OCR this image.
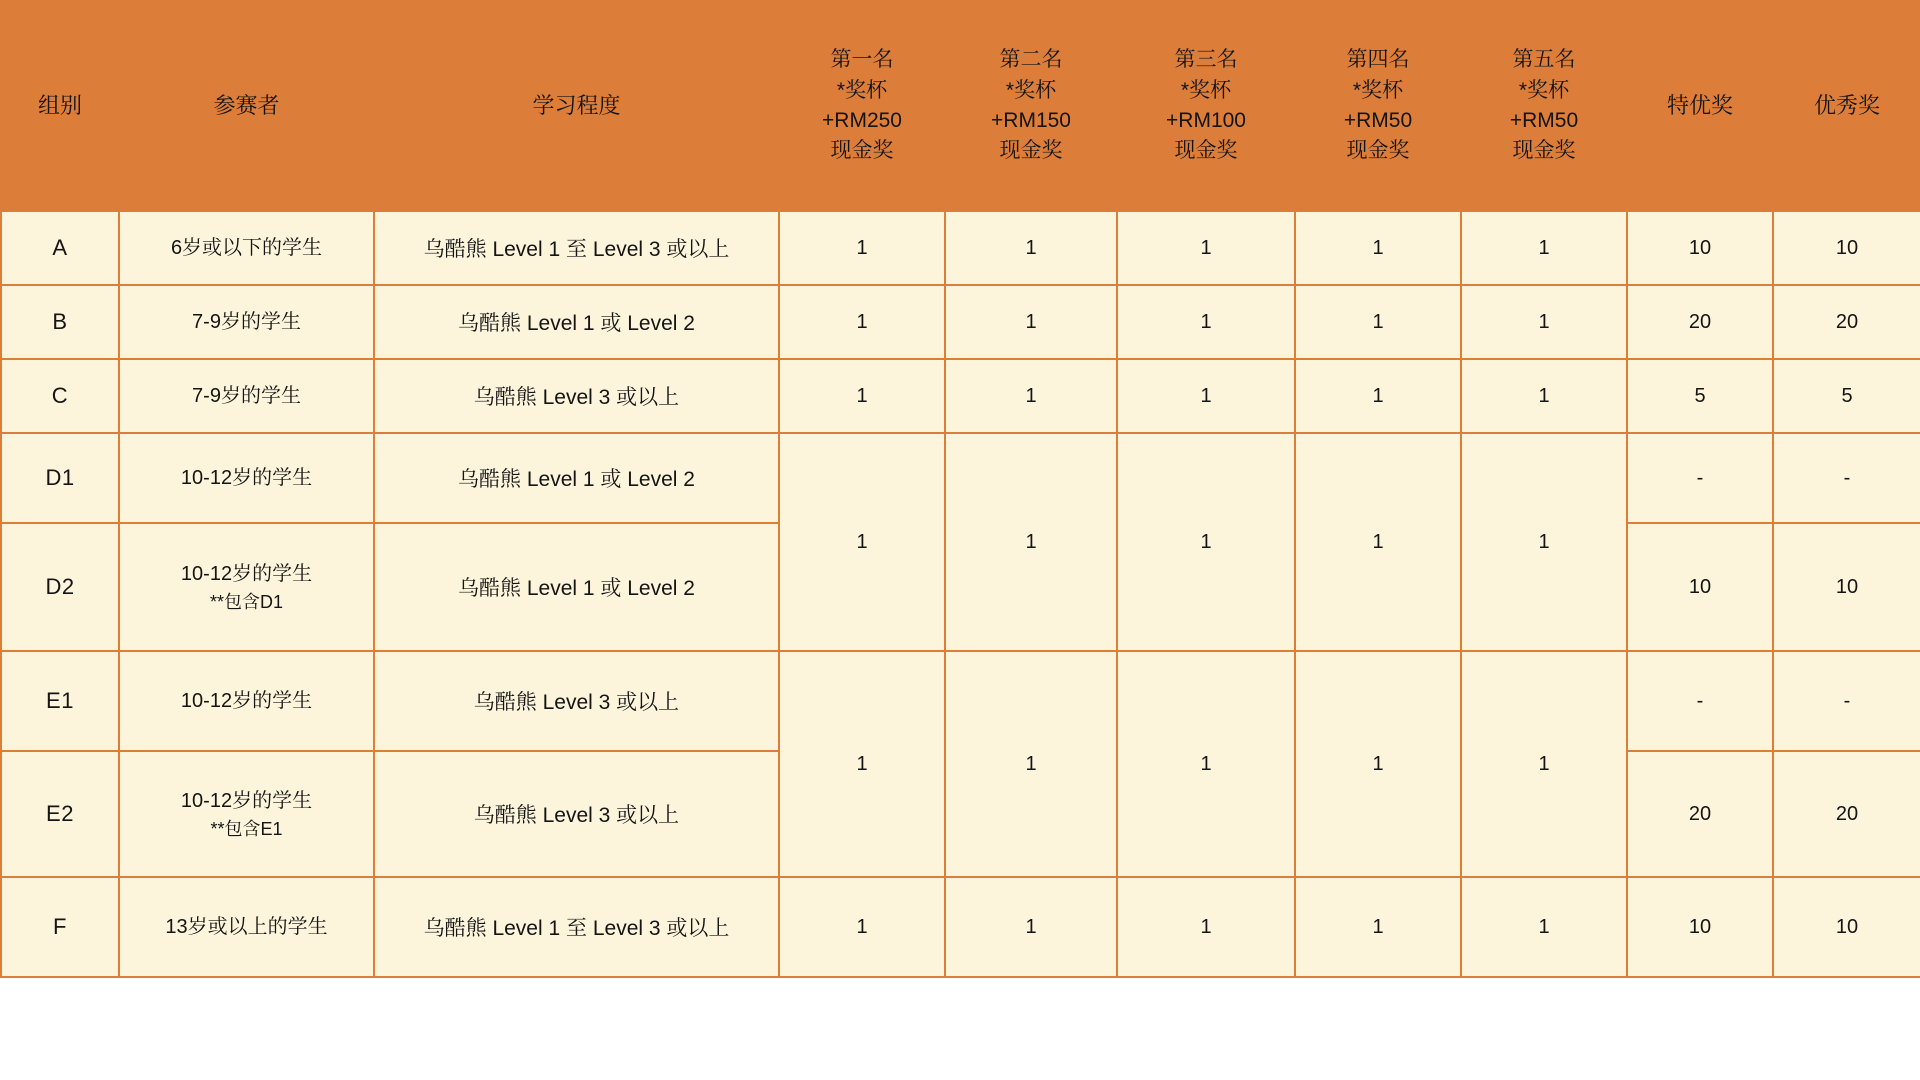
组别	参赛者	学习程度	第一名
*奖杯
+RM250
现金奖	第二名
*奖杯
+RM150
现金奖	第三名
*奖杯
+RM100
现金奖	第四名
*奖杯
+RM50
现金奖	第五名
*奖杯
+RM50
现金奖	特优奖	优秀奖
A	6岁或以下的学生	乌酷熊 Level 1 至 Level 3 或以上	1	1	1	1	1	10	10
B	7-9岁的学生	乌酷熊 Level 1 或 Level 2	1	1	1	1	1	20	20
C	7-9岁的学生	乌酷熊 Level 3 或以上	1	1	1	1	1	5	5
D1	10-12岁的学生	乌酷熊 Level 1 或 Level 2	1	1	1	1	1	-	-
D2	10-12岁的学生
**包含D1	乌酷熊 Level 1 或 Level 2						10	10
E1	10-12岁的学生	乌酷熊 Level 3 或以上	1	1	1	1	1	-	-
E2	10-12岁的学生
**包含E1	乌酷熊 Level 3 或以上						20	20
F	13岁或以上的学生	乌酷熊 Level 1 至 Level 3 或以上	1	1	1	1	1	10	10
